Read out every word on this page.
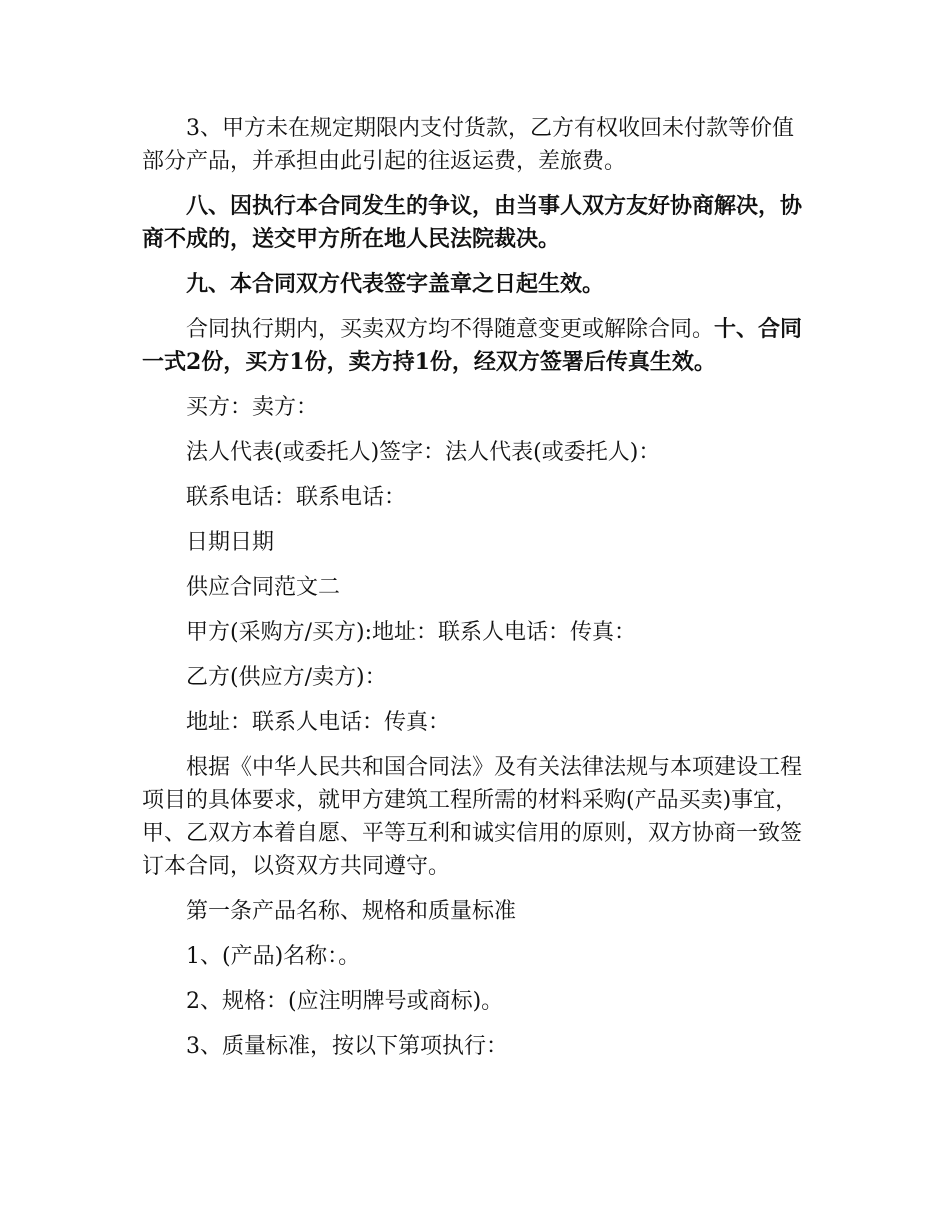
3、甲方未在规定期限内支付货款，乙方有权收回未付款等价值部分产品，并承担由此引起的往返运费，差旅费。

八、因执行本合同发生的争议，由当事人双方友好协商解决，协商不成的，送交甲方所在地人民法院裁决。

九、本合同双方代表签字盖章之日起生效。

合同执行期内，买卖双方均不得随意变更或解除合同。十、合同一式2份，买方1份，卖方持1份，经双方签署后传真生效。

买方：卖方：

法人代表(或委托人)签字：法人代表(或委托人)：

联系电话：联系电话：

日期日期

供应合同范文二

甲方(采购方/买方):地址：联系人电话：传真：

乙方(供应方/卖方)：

地址：联系人电话：传真：

根据《中华人民共和国合同法》及有关法律法规与本项建设工程项目的具体要求，就甲方建筑工程所需的材料采购(产品买卖)事宜，甲、乙双方本着自愿、平等互利和诚实信用的原则，双方协商一致签订本合同，以资双方共同遵守。

第一条产品名称、规格和质量标准

1、(产品)名称：。

2、规格：(应注明牌号或商标)。

3、质量标准，按以下第项执行：
